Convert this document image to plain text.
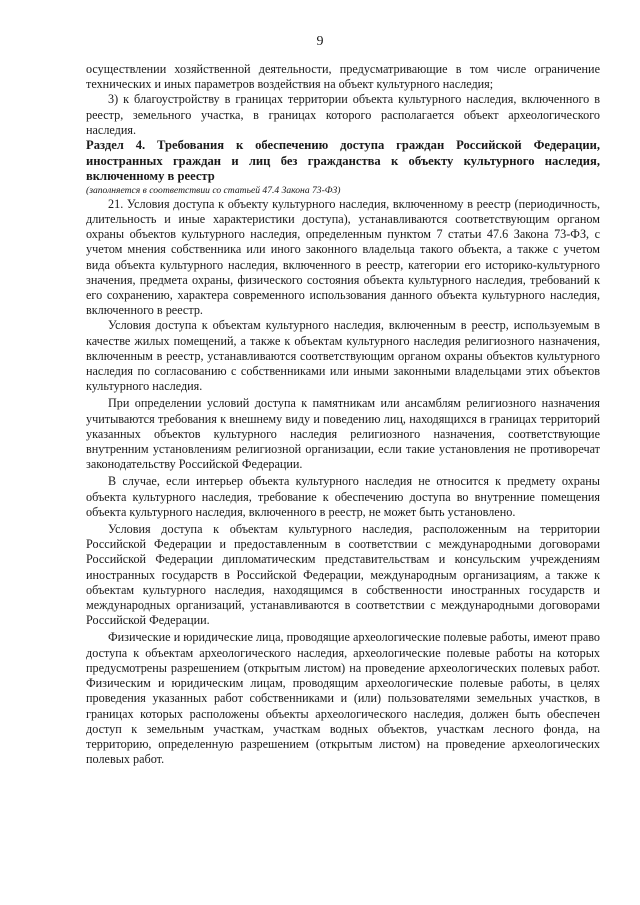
9

осуществлении хозяйственной деятельности, предусматривающие в том числе ограничение технических и иных параметров воздействия на объект культурного наследия;

3) к благоустройству в границах территории объекта культурного наследия, включенного в реестр, земельного участка, в границах которого располагается объект археологического наследия.

Раздел 4. Требования к обеспечению доступа граждан Российской Федерации, иностранных граждан и лиц без гражданства к объекту культурного наследия, включенному в реестр

(заполняется в соответствии со статьей 47.4 Закона 73-ФЗ)

21. Условия доступа к объекту культурного наследия, включенному в реестр (периодичность, длительность и иные характеристики доступа), устанавливаются соответствующим органом охраны объектов культурного наследия, определенным пунктом 7 статьи 47.6 Закона 73-ФЗ, с учетом мнения собственника или иного законного владельца такого объекта, а также с учетом вида объекта культурного наследия, включенного в реестр, категории его историко-культурного значения, предмета охраны, физического состояния объекта культурного наследия, требований к его сохранению, характера современного использования данного объекта культурного наследия, включенного в реестр.

Условия доступа к объектам культурного наследия, включенным в реестр, используемым в качестве жилых помещений, а также к объектам культурного наследия религиозного назначения, включенным в реестр, устанавливаются соответствующим органом охраны объектов культурного наследия по согласованию с собственниками или иными законными владельцами этих объектов культурного наследия.

При определении условий доступа к памятникам или ансамблям религиозного назначения учитываются требования к внешнему виду и поведению лиц, находящихся в границах территорий указанных объектов культурного наследия религиозного назначения, соответствующие внутренним установлениям религиозной организации, если такие установления не противоречат законодательству Российской Федерации.

В случае, если интерьер объекта культурного наследия не относится к предмету охраны объекта культурного наследия, требование к обеспечению доступа во внутренние помещения объекта культурного наследия, включенного в реестр, не может быть установлено.

Условия доступа к объектам культурного наследия, расположенным на территории Российской Федерации и предоставленным в соответствии с международными договорами Российской Федерации дипломатическим представительствам и консульским учреждениям иностранных государств в Российской Федерации, международным организациям, а также к объектам культурного наследия, находящимся в собственности иностранных государств и международных организаций, устанавливаются в соответствии с международными договорами Российской Федерации.

Физические и юридические лица, проводящие археологические полевые работы, имеют право доступа к объектам археологического наследия, археологические полевые работы на которых предусмотрены разрешением (открытым листом) на проведение археологических полевых работ. Физическим и юридическим лицам, проводящим археологические полевые работы, в целях проведения указанных работ собственниками и (или) пользователями земельных участков, в границах которых расположены объекты археологического наследия, должен быть обеспечен доступ к земельным участкам, участкам водных объектов, участкам лесного фонда, на территорию, определенную разрешением (открытым листом) на проведение археологических полевых работ.
